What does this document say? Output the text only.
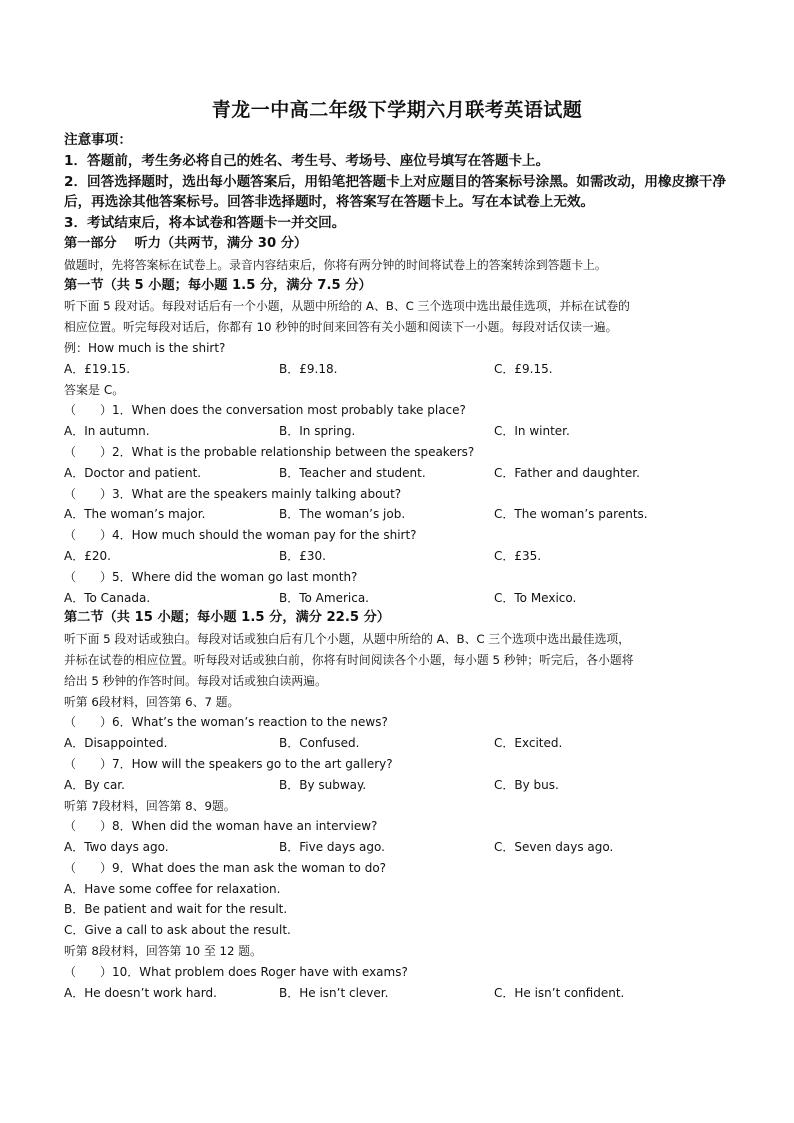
青龙一中高二年级下学期六月联考英语试题
注意事项：
1．答题前，考生务必将自己的姓名、考生号、考场号、座位号填写在答题卡上。
2．回答选择题时，选出每小题答案后，用铅笔把答题卡上对应题目的答案标号涂黑。如需改动，用橡皮擦干净后，再选涂其他答案标号。回答非选择题时，将答案写在答题卡上。写在本试卷上无效。
3．考试结束后，将本试卷和答题卡一并交回。
第一部分　 听力（共两节，满分 30 分）
做题时，先将答案标在试卷上。录音内容结束后，你将有两分钟的时间将试卷上的答案转涂到答题卡上。
第一节（共 5 小题；每小题 1.5 分，满分 7.5 分）
听下面 5 段对话。每段对话后有一个小题，从题中所给的 A、B、C 三个选项中选出最佳选项，并标在试卷的
相应位置。听完每段对话后，你都有 10 秒钟的时间来回答有关小题和阅读下一小题。每段对话仅读一遍。
例：How much is the shirt?
A．£19.15.	B．£9.18.	C．£9.15.
答案是 C。
（　　）1．When does the conversation most probably take place?
A．In autumn.	B．In spring.	C．In winter.
（　　）2．What is the probable relationship between the speakers?
A．Doctor and patient.	B．Teacher and student.	C．Father and daughter.
（　　）3．What are the speakers mainly talking about?
A．The woman’s major.	B．The woman’s job.	C．The woman’s parents.
（　　）4．How much should the woman pay for the shirt?
A．£20.	B．£30.	C．£35.
（　　）5．Where did the woman go last month?
A．To Canada.	B．To America.	C．To Mexico.
第二节（共 15 小题；每小题 1.5 分，满分 22.5 分）
听下面 5 段对话或独白。每段对话或独白后有几个小题，从题中所给的 A、B、C 三个选项中选出最佳选项，
并标在试卷的相应位置。听每段对话或独白前，你将有时间阅读各个小题，每小题 5 秒钟；听完后，各小题将
给出 5 秒钟的作答时间。每段对话或独白读两遍。
听第 6段材料，回答第 6、7 题。
（　　）6．What’s the woman’s reaction to the news?
A．Disappointed.	B．Confused.	C．Excited.
（　　）7．How will the speakers go to the art gallery?
A．By car.	B．By subway.	C．By bus.
听第 7段材料，回答第 8、9题。
（　　）8．When did the woman have an interview?
A．Two days ago.	B．Five days ago.	C．Seven days ago.
（　　）9．What does the man ask the woman to do?
A．Have some coffee for relaxation.
B．Be patient and wait for the result.
C．Give a call to ask about the result.
听第 8段材料，回答第 10 至 12 题。
（　　）10．What problem does Roger have with exams?
A．He doesn’t work hard.	B．He isn’t clever.	C．He isn’t confident.
